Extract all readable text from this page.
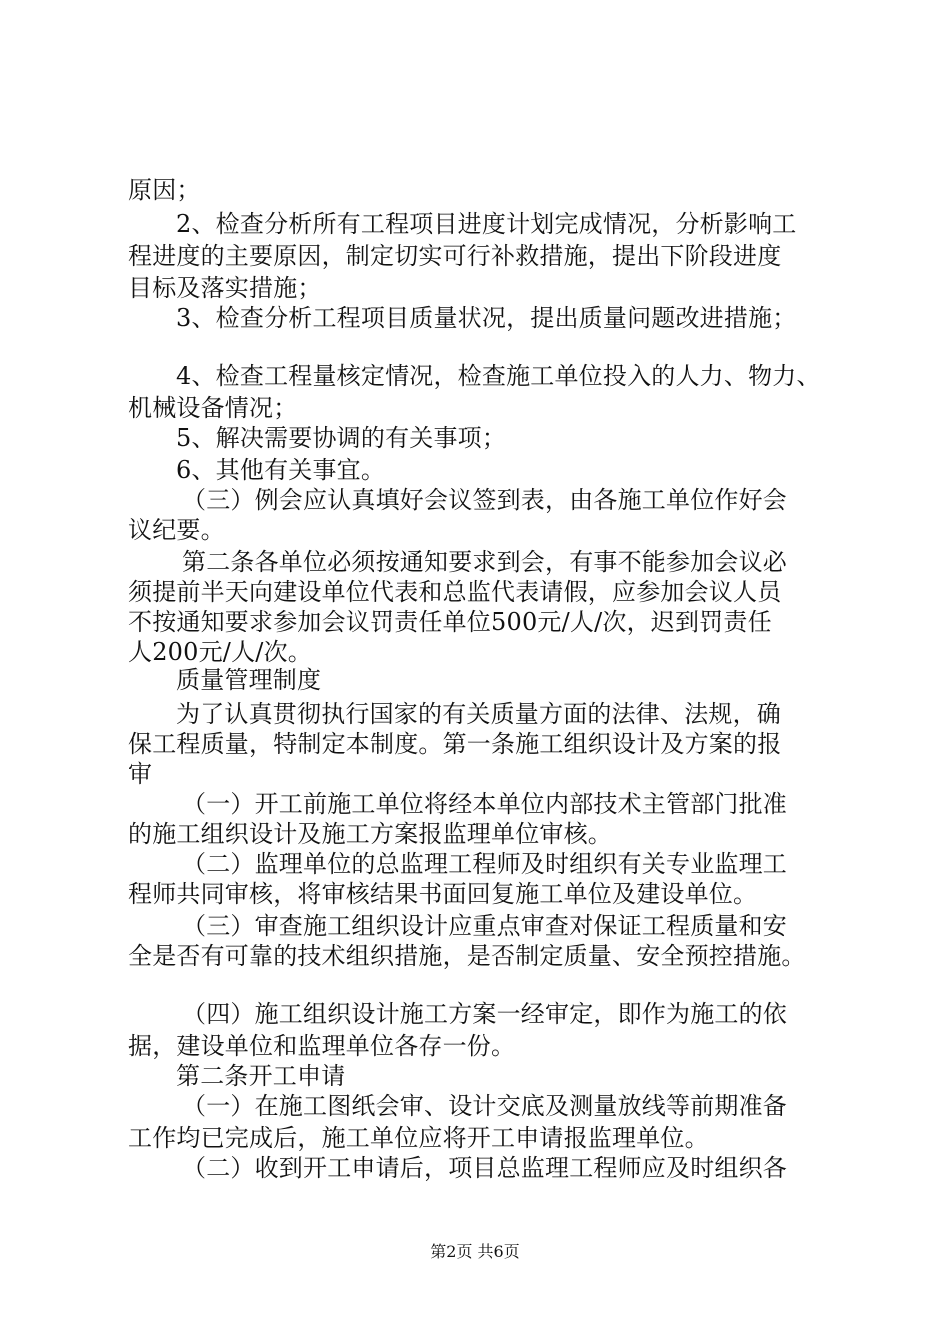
原因；
2、检查分析所有工程项目进度计划完成情况，分析影响工
程进度的主要原因，制定切实可行补救措施，提出下阶段进度
目标及落实措施；
3、检查分析工程项目质量状况，提出质量问题改进措施；
4、检查工程量核定情况，检查施工单位投入的人力、物力、
机械设备情况；
5、解决需要协调的有关事项；
6、其他有关事宜。
（三）例会应认真填好会议签到表，由各施工单位作好会
议纪要。
第二条各单位必须按通知要求到会，有事不能参加会议必
须提前半天向建设单位代表和总监代表请假，应参加会议人员
不按通知要求参加会议罚责任单位500元/人/次，迟到罚责任
人200元/人/次。
质量管理制度
为了认真贯彻执行国家的有关质量方面的法律、法规，确
保工程质量，特制定本制度。第一条施工组织设计及方案的报
审
（一）开工前施工单位将经本单位内部技术主管部门批准
的施工组织设计及施工方案报监理单位审核。
（二）监理单位的总监理工程师及时组织有关专业监理工
程师共同审核，将审核结果书面回复施工单位及建设单位。
（三）审查施工组织设计应重点审查对保证工程质量和安
全是否有可靠的技术组织措施，是否制定质量、安全预控措施。
（四）施工组织设计施工方案一经审定，即作为施工的依
据，建设单位和监理单位各存一份。
第二条开工申请
（一）在施工图纸会审、设计交底及测量放线等前期准备
工作均已完成后，施工单位应将开工申请报监理单位。
（二）收到开工申请后，项目总监理工程师应及时组织各
第2页 共6页
